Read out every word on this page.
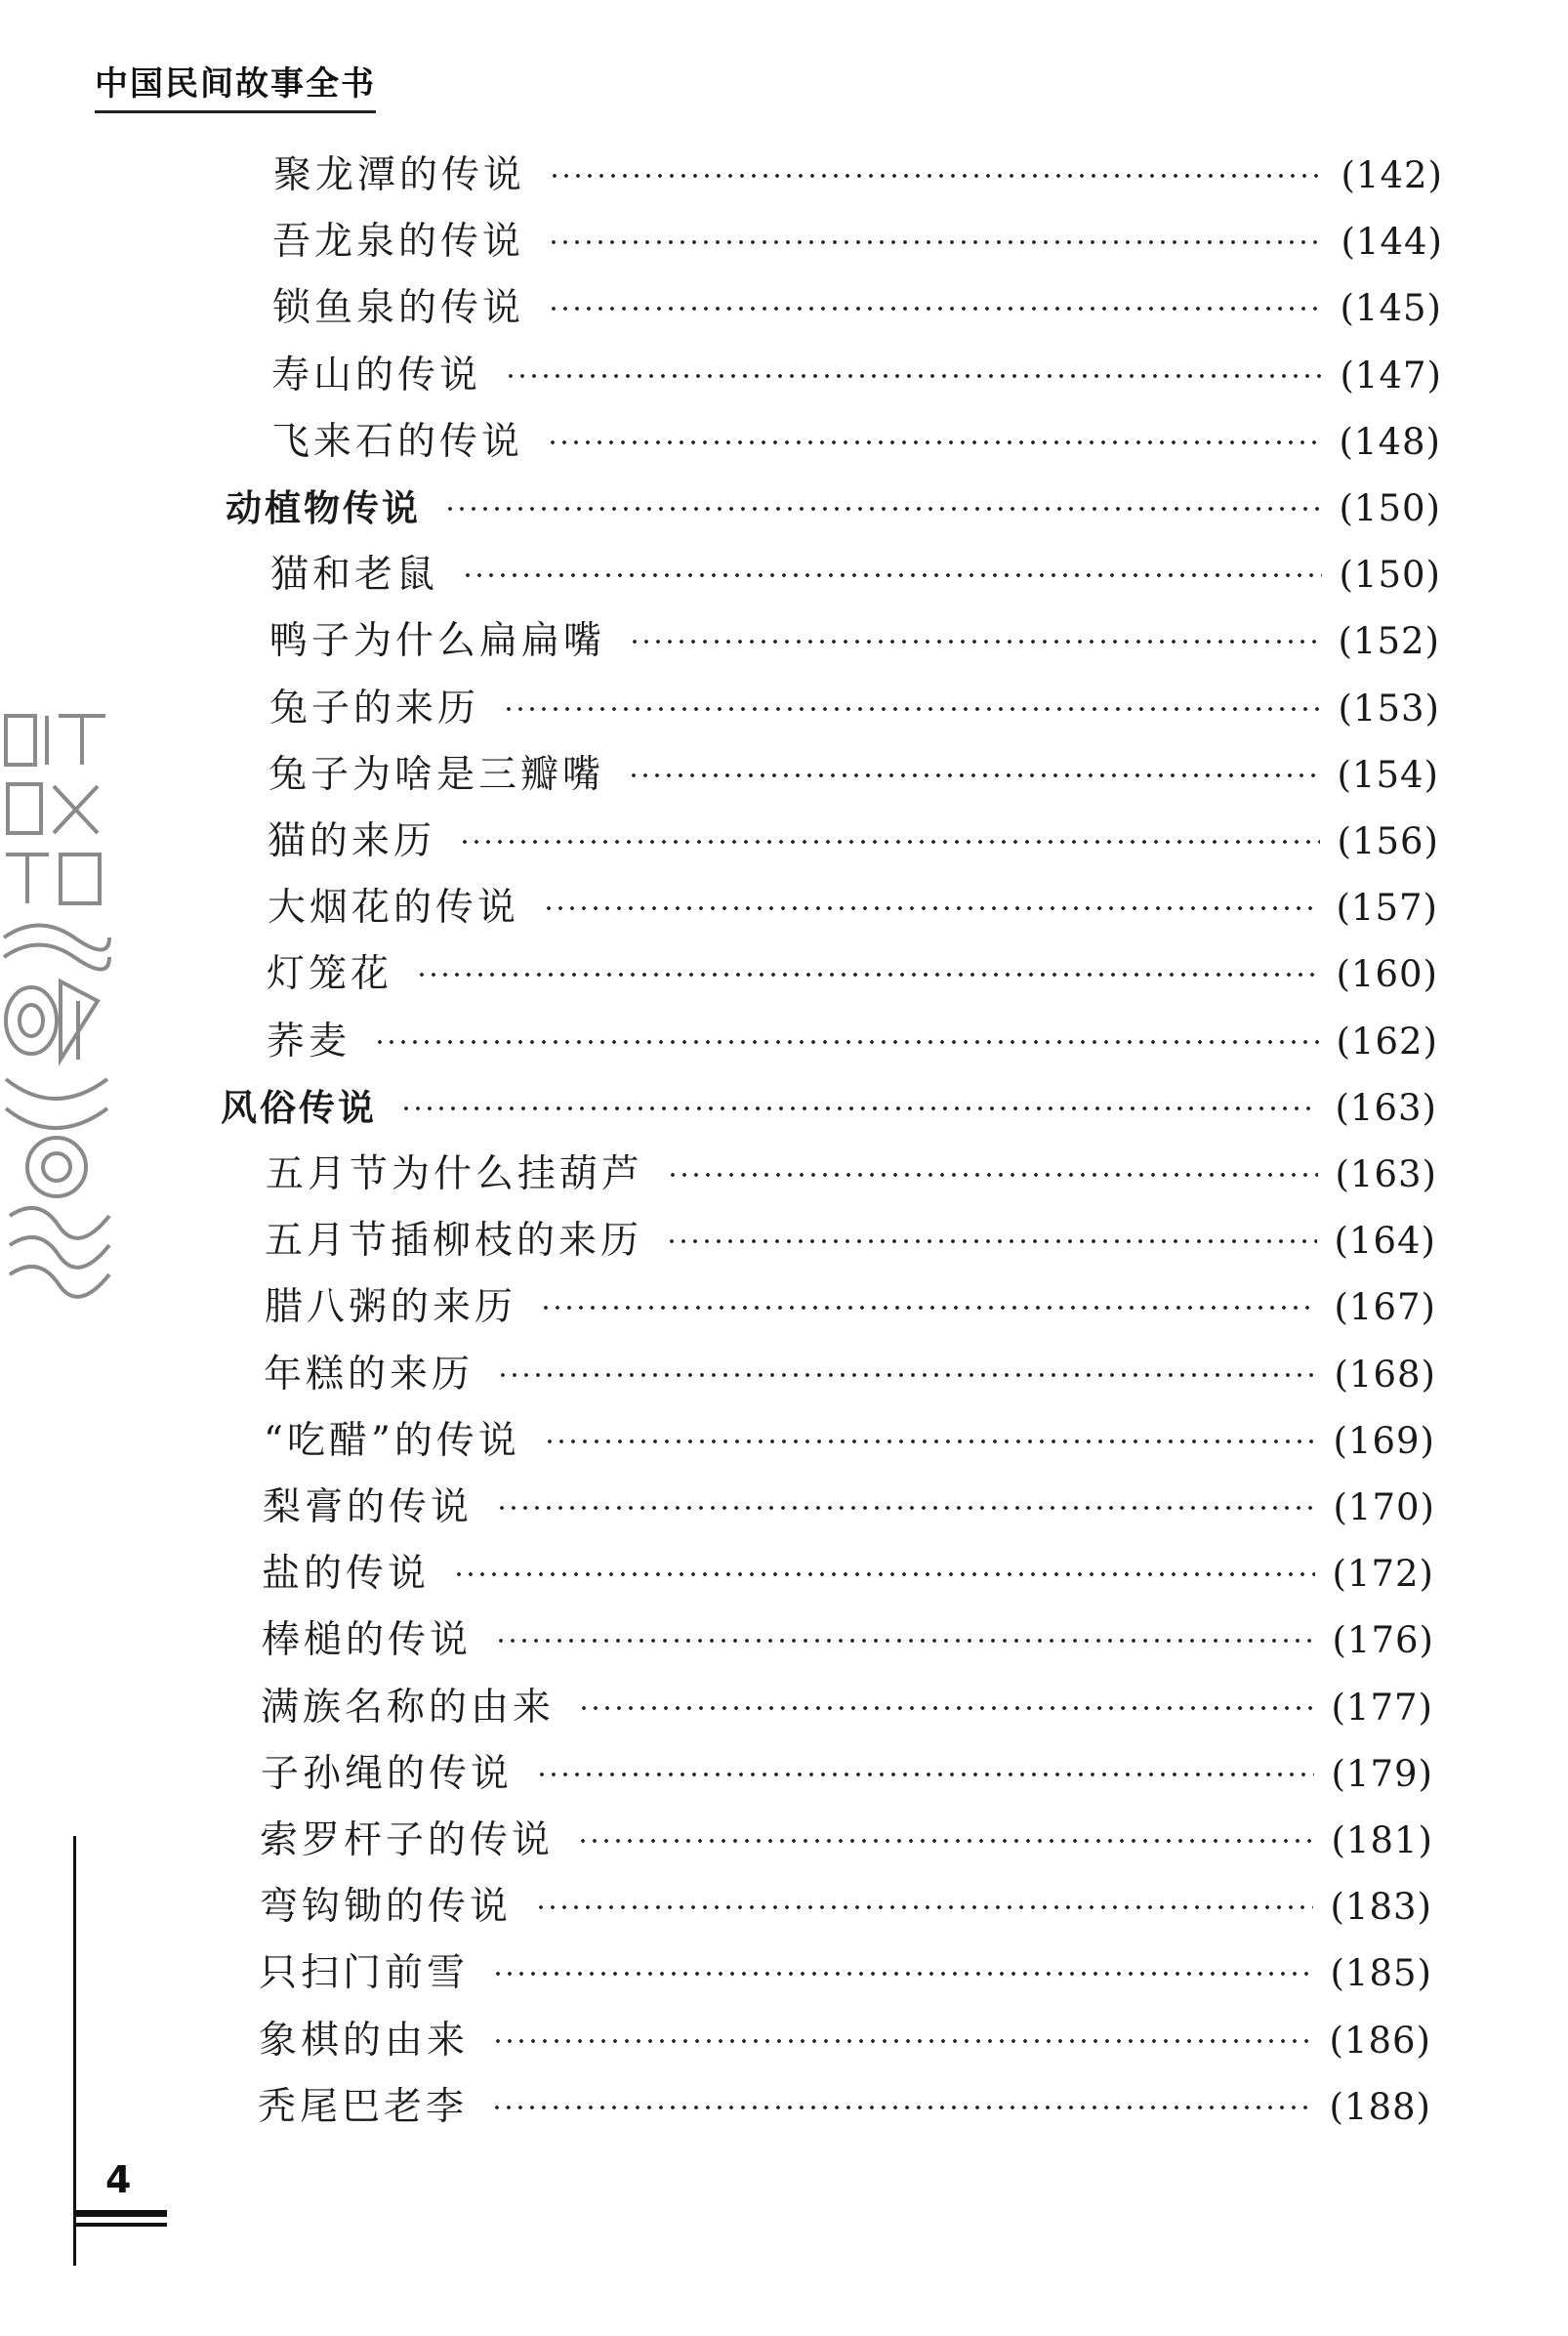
中国民间故事全书
聚龙潭的传说	(142)
吾龙泉的传说	(144)
锁鱼泉的传说	(145)
寿山的传说	(147)
飞来石的传说	(148)
动植物传说	(150)
猫和老鼠	(150)
鸭子为什么扁扁嘴	(152)
兔子的来历	(153)
兔子为啥是三瓣嘴	(154)
猫的来历	(156)
大烟花的传说	(157)
灯笼花	(160)
荞麦	(162)
风俗传说	(163)
五月节为什么挂葫芦	(163)
五月节插柳枝的来历	(164)
腊八粥的来历	(167)
年糕的来历	(168)
“吃醋”的传说	(169)
梨膏的传说	(170)
盐的传说	(172)
棒槌的传说	(176)
满族名称的由来	(177)
子孙绳的传说	(179)
索罗杆子的传说	(181)
弯钩锄的传说	(183)
只扫门前雪	(185)
象棋的由来	(186)
秃尾巴老李	(188)
4
